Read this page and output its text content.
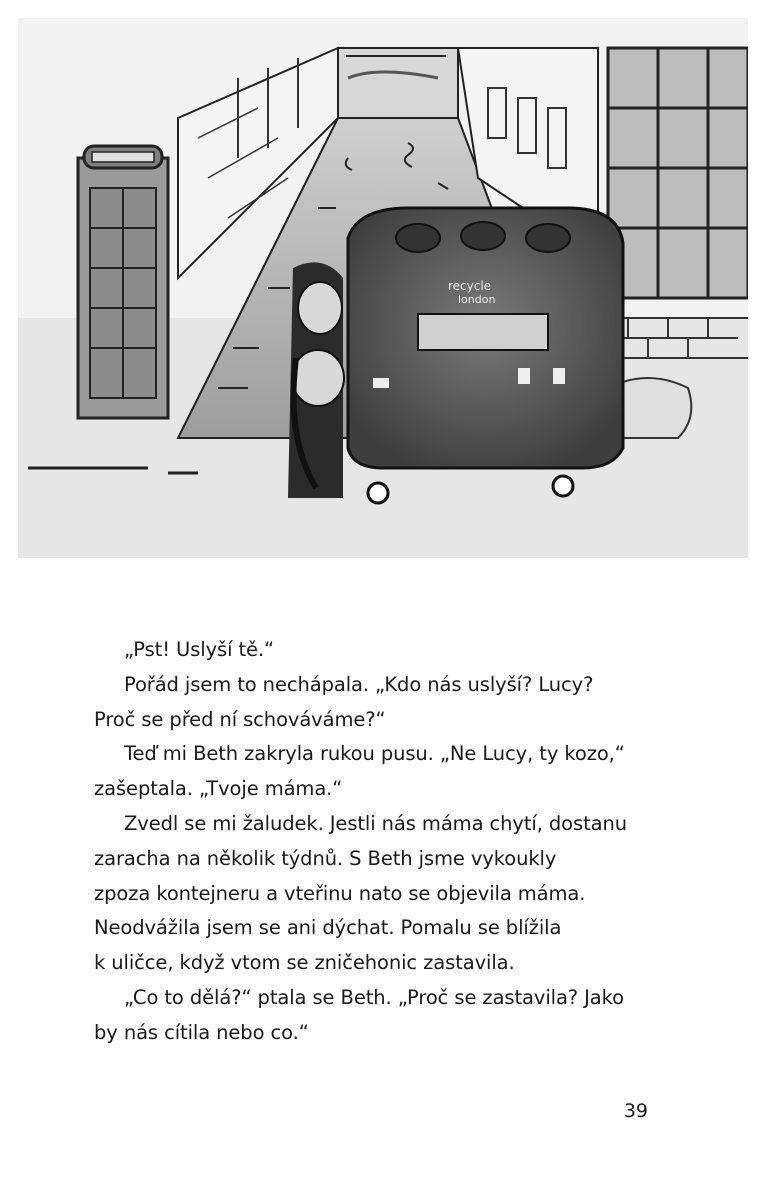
recycle
london

„Pst! Uslyší tě.“

Pořád jsem to nechápala. „Kdo nás uslyší? Lucy?

Proč se před ní schováváme?“

Teď mi Beth zakryla rukou pusu. „Ne Lucy, ty kozo,“

zašeptala. „Tvoje máma.“

Zvedl se mi žaludek. Jestli nás máma chytí, dostanu

zaracha na několik týdnů. S Beth jsme vykoukly

zpoza kontejneru a vteřinu nato se objevila máma.

Neodvážila jsem se ani dýchat. Pomalu se blížila

k uličce, když vtom se zničehonic zastavila.

„Co to dělá?“ ptala se Beth. „Proč se zastavila? Jako

by nás cítila nebo co.“

39
